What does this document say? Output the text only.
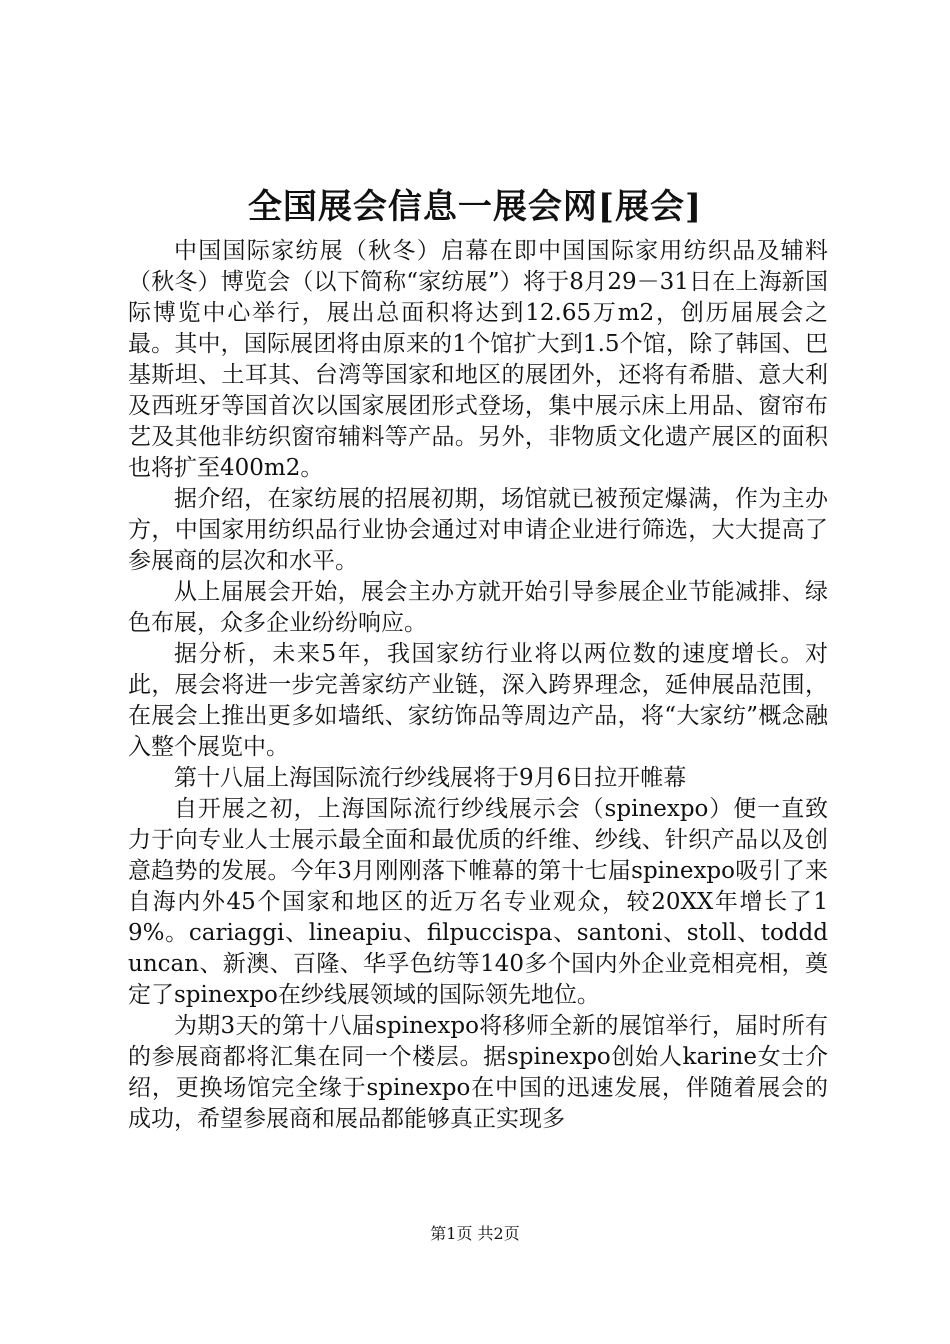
全国展会信息一展会网[展会]

中国国际家纺展（秋冬）启幕在即中国国际家用纺织品及辅料（秋冬）博览会（以下简称“家纺展”）将于8月29－31日在上海新国际博览中心举行，展出总面积将达到12.65万m2，创历届展会之最。其中，国际展团将由原来的1个馆扩大到1.5个馆，除了韩国、巴基斯坦、土耳其、台湾等国家和地区的展团外，还将有希腊、意大利及西班牙等国首次以国家展团形式登场，集中展示床上用品、窗帘布艺及其他非纺织窗帘辅料等产品。另外，非物质文化遗产展区的面积也将扩至400m2。

据介绍，在家纺展的招展初期，场馆就已被预定爆满，作为主办方，中国家用纺织品行业协会通过对申请企业进行筛选，大大提高了参展商的层次和水平。

从上届展会开始，展会主办方就开始引导参展企业节能减排、绿色布展，众多企业纷纷响应。

据分析，未来5年，我国家纺行业将以两位数的速度增长。对此，展会将进一步完善家纺产业链，深入跨界理念，延伸展品范围，在展会上推出更多如墙纸、家纺饰品等周边产品，将“大家纺”概念融入整个展览中。

第十八届上海国际流行纱线展将于9月6日拉开帷幕

自开展之初，上海国际流行纱线展示会（spinexpo）便一直致力于向专业人士展示最全面和最优质的纤维、纱线、针织产品以及创意趋势的发展。今年3月刚刚落下帷幕的第十七届spinexpo吸引了来自海内外45个国家和地区的近万名专业观众，较20XX年增长了19%。cariaggi、lineapiu、filpuccispa、santoni、stoll、toddduncan、新澳、百隆、华孚色纺等140多个国内外企业竞相亮相，奠定了spinexpo在纱线展领域的国际领先地位。

为期3天的第十八届spinexpo将移师全新的展馆举行，届时所有的参展商都将汇集在同一个楼层。据spinexpo创始人karine女士介绍，更换场馆完全缘于spinexpo在中国的迅速发展，伴随着展会的成功，希望参展商和展品都能够真正实现多

第1页 共2页
